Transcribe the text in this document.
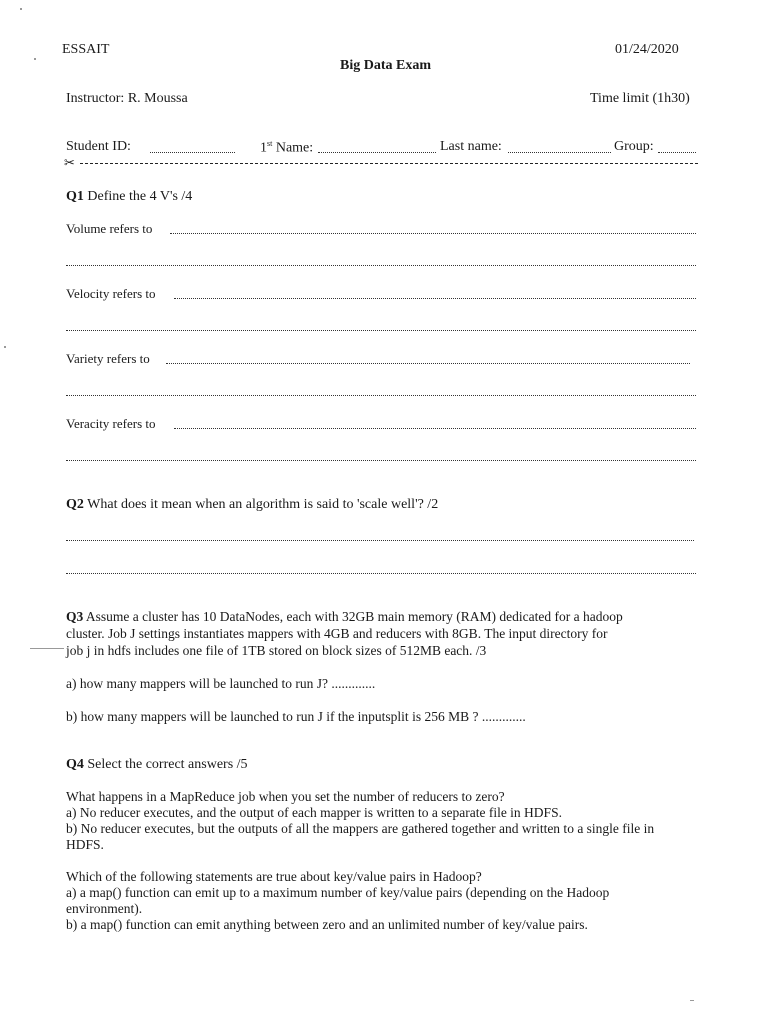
ESSAIT	01/24/2020
Big Data Exam
Instructor: R. Moussa	Time limit (1h30)
Student ID:	1st Name:	Last name:	Group:
✂
Q1 Define the 4 V's /4
Volume refers to
Velocity refers to
Variety refers to
Veracity refers to
Q2 What does it mean when an algorithm is said to 'scale well'? /2
Q3 Assume a cluster has 10 DataNodes, each with 32GB main memory (RAM) dedicated for a hadoop
cluster. Job J settings instantiates mappers with 4GB and reducers with 8GB. The input directory for
job j in hdfs includes one file of 1TB stored on block sizes of 512MB each. /3
a) how many mappers will be launched to run J? .............
b) how many mappers will be launched to run J if the inputsplit is 256 MB ? .............
Q4 Select the correct answers /5
What happens in a MapReduce job when you set the number of reducers to zero?
a) No reducer executes, and the output of each mapper is written to a separate file in HDFS.
b) No reducer executes, but the outputs of all the mappers are gathered together and written to a single file in
HDFS.
Which of the following statements are true about key/value pairs in Hadoop?
a) a map() function can emit up to a maximum number of key/value pairs (depending on the Hadoop
environment).
b) a map() function can emit anything between zero and an unlimited number of key/value pairs.
